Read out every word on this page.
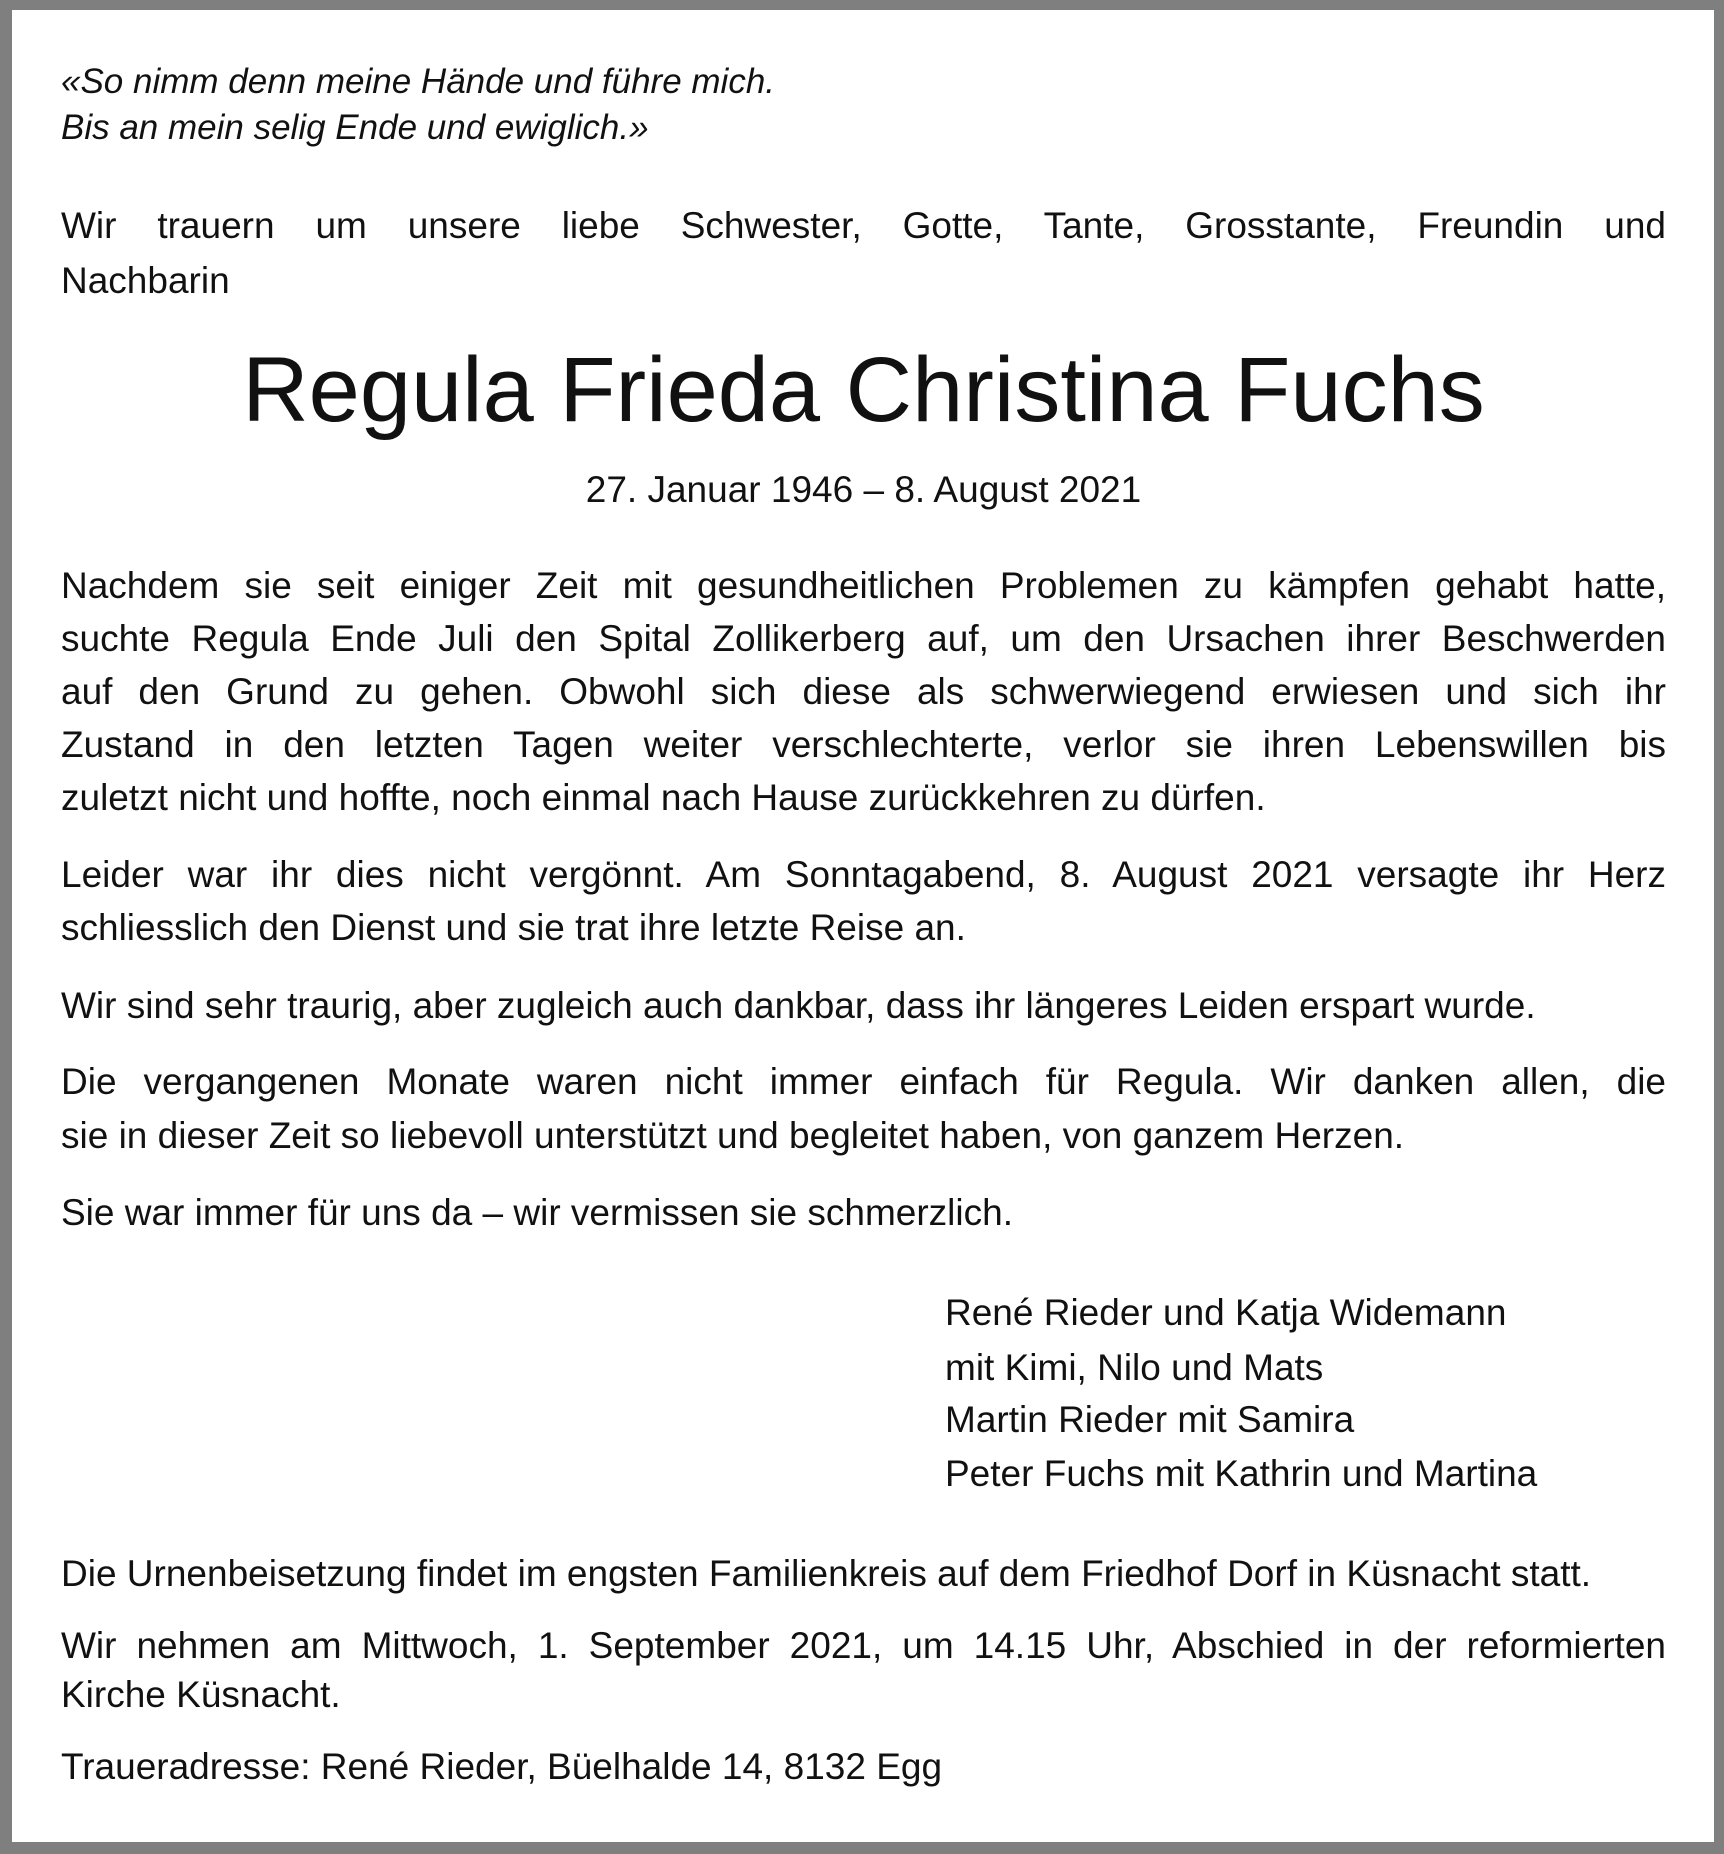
«So nimm denn meine Hände und führe mich.
Bis an mein selig Ende und ewiglich.»
Wir trauern um unsere liebe Schwester, Gotte, Tante, Grosstante, Freundin und
Nachbarin
Regula Frieda Christina Fuchs
27. Januar 1946 – 8. August 2021
Nachdem sie seit einiger Zeit mit gesundheitlichen Problemen zu kämpfen gehabt hatte,
suchte Regula Ende Juli den Spital Zollikerberg auf, um den Ursachen ihrer Beschwerden
auf den Grund zu gehen. Obwohl sich diese als schwerwiegend erwiesen und sich ihr
Zustand in den letzten Tagen weiter verschlechterte, verlor sie ihren Lebenswillen bis
zuletzt nicht und hoffte, noch einmal nach Hause zurückkehren zu dürfen.
Leider war ihr dies nicht vergönnt. Am Sonntagabend, 8. August 2021 versagte ihr Herz
schliesslich den Dienst und sie trat ihre letzte Reise an.
Wir sind sehr traurig, aber zugleich auch dankbar, dass ihr längeres Leiden erspart wurde.
Die vergangenen Monate waren nicht immer einfach für Regula. Wir danken allen, die
sie in dieser Zeit so liebevoll unterstützt und begleitet haben, von ganzem Herzen.
Sie war immer für uns da – wir vermissen sie schmerzlich.
René Rieder und Katja Widemann
mit Kimi, Nilo und Mats
Martin Rieder mit Samira
Peter Fuchs mit Kathrin und Martina
Die Urnenbeisetzung findet im engsten Familienkreis auf dem Friedhof Dorf in Küsnacht statt.
Wir nehmen am Mittwoch, 1. September 2021, um 14.15 Uhr, Abschied in der reformierten
Kirche Küsnacht.
Traueradresse: René Rieder, Büelhalde 14, 8132 Egg
